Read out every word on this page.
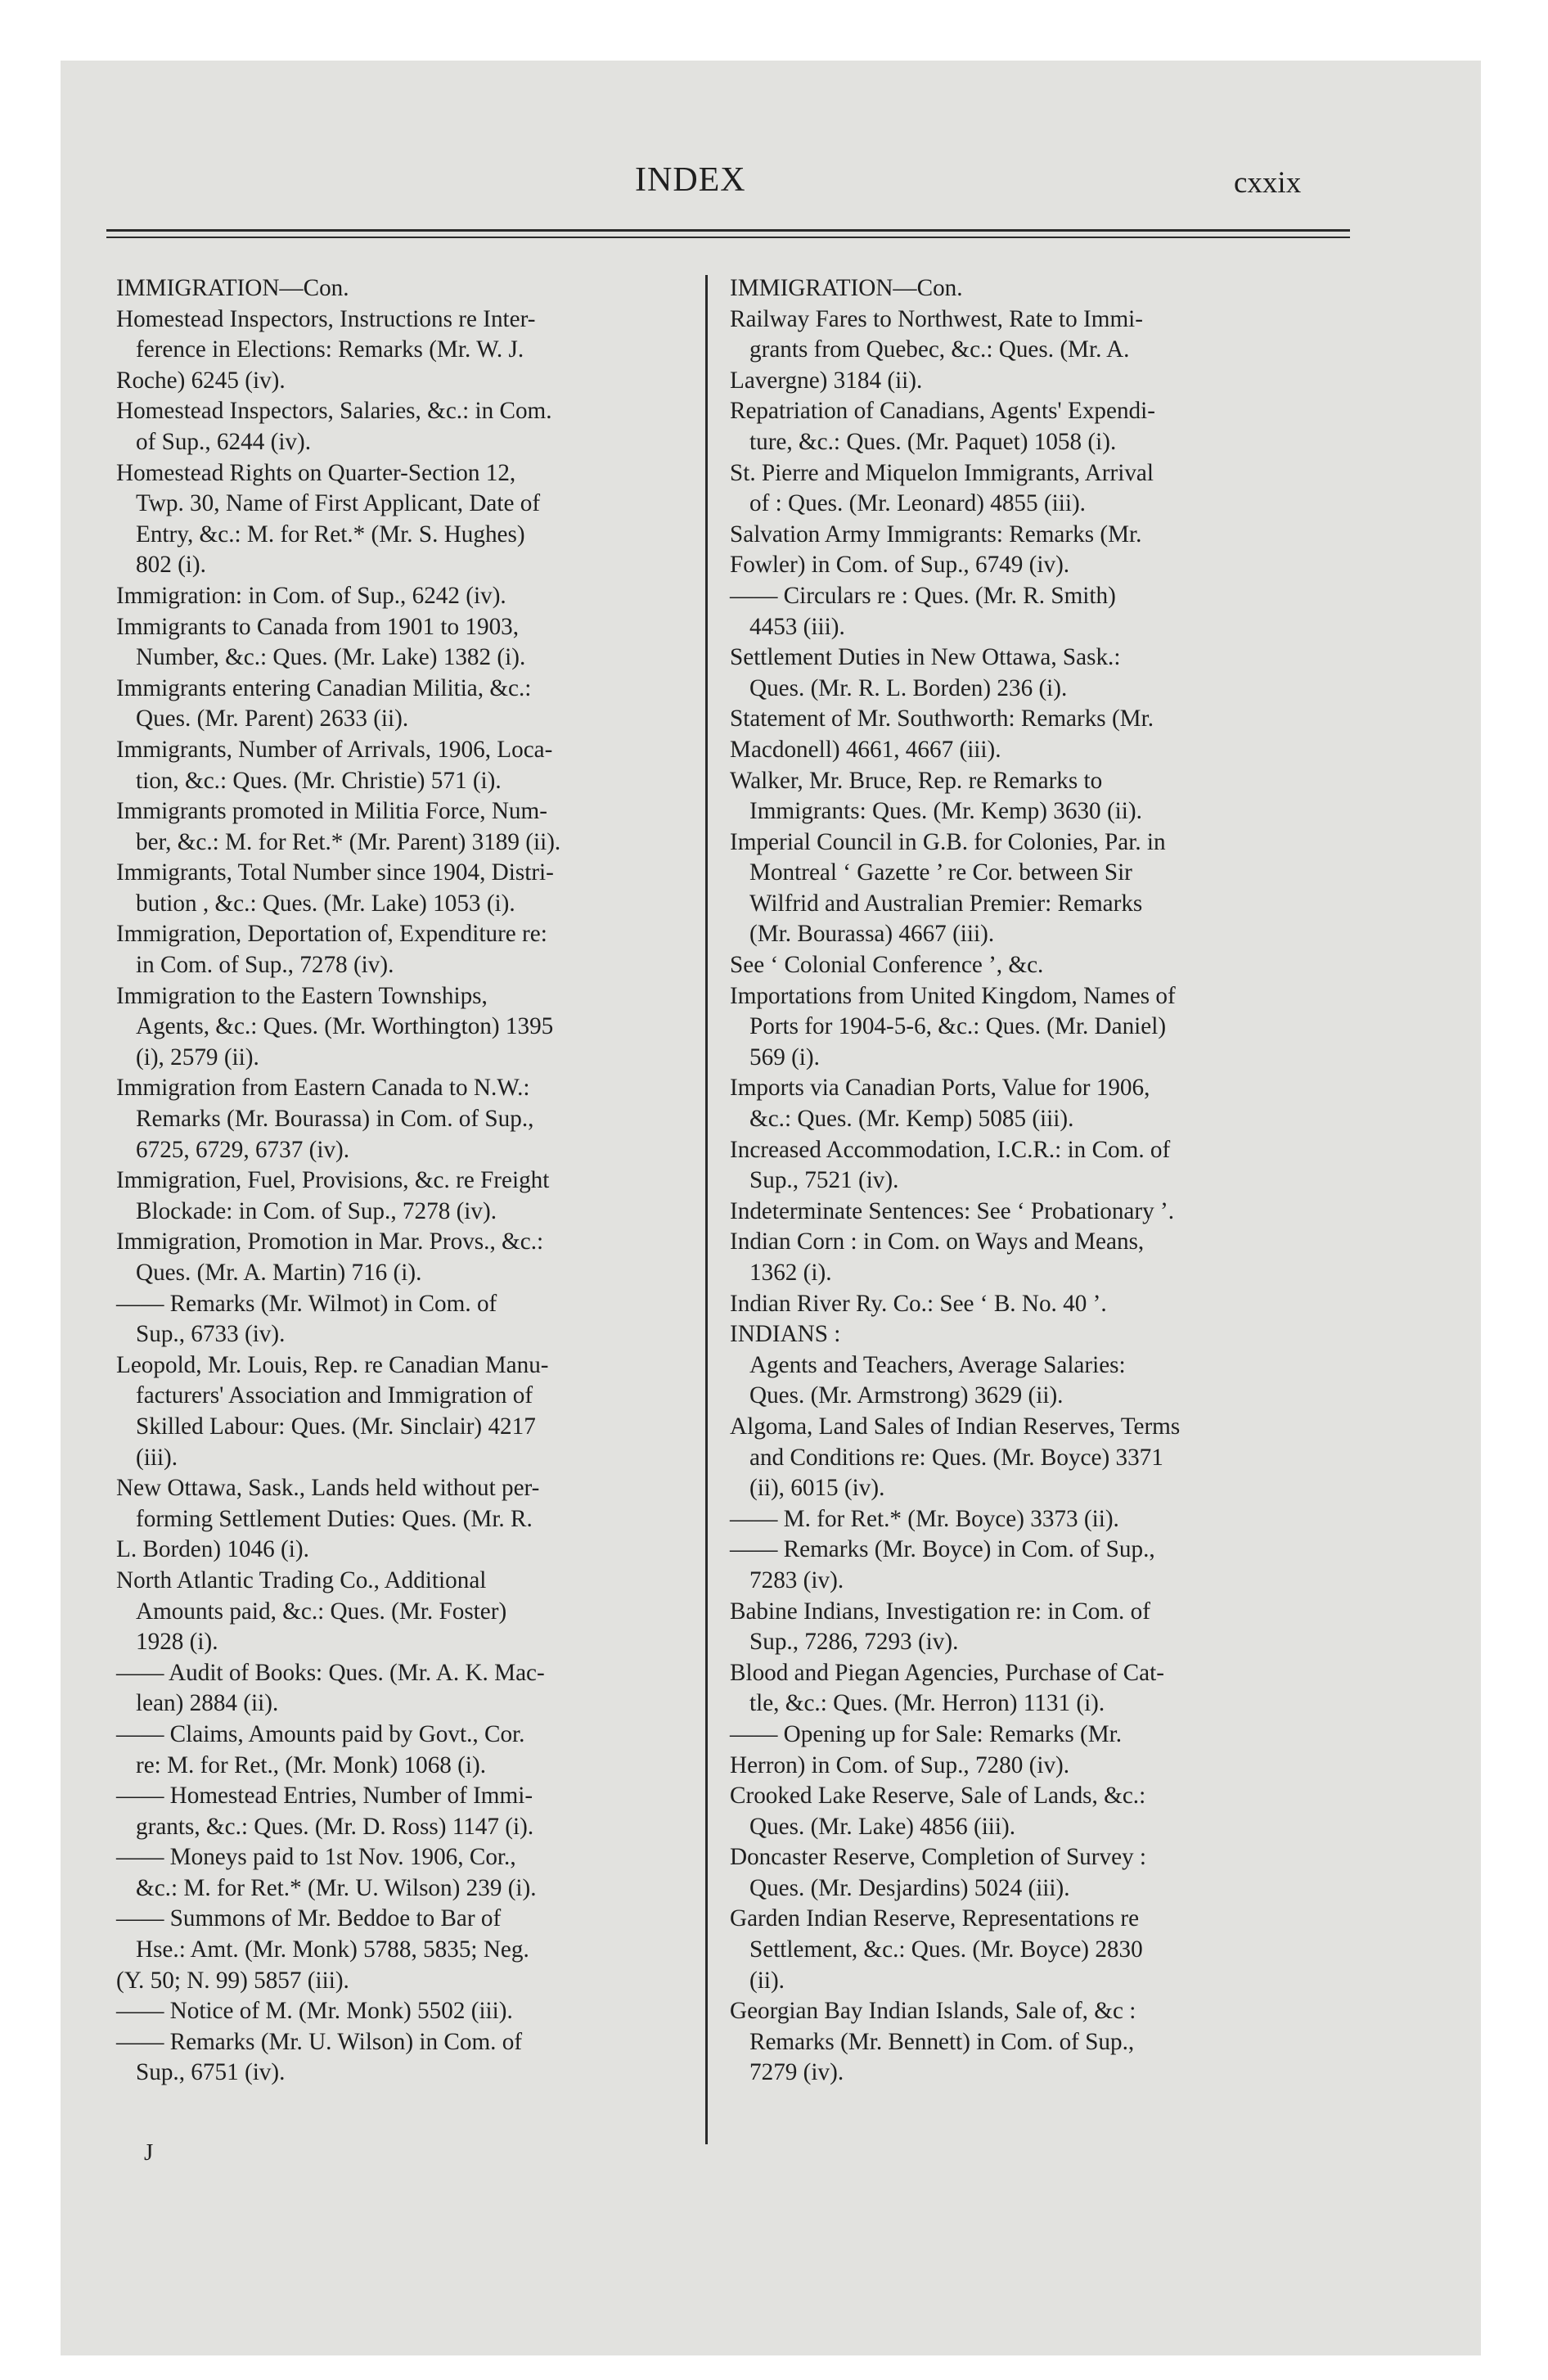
INDEX	cxxix
IMMIGRATION—Con.
Homestead Inspectors, Instructions re Inter-
ference in Elections: Remarks (Mr. W. J.
Roche) 6245 (iv).
Homestead Inspectors, Salaries, &c.: in Com.
of Sup., 6244 (iv).
Homestead Rights on Quarter-Section 12,
Twp. 30, Name of First Applicant, Date of
Entry, &c.: M. for Ret.* (Mr. S. Hughes)
802 (i).
Immigration: in Com. of Sup., 6242 (iv).
Immigrants to Canada from 1901 to 1903,
Number, &c.: Ques. (Mr. Lake) 1382 (i).
Immigrants entering Canadian Militia, &c.:
Ques. (Mr. Parent) 2633 (ii).
Immigrants, Number of Arrivals, 1906, Loca-
tion, &c.: Ques. (Mr. Christie) 571 (i).
Immigrants promoted in Militia Force, Num-
ber, &c.: M. for Ret.* (Mr. Parent) 3189 (ii).
Immigrants, Total Number since 1904, Distri-
bution , &c.: Ques. (Mr. Lake) 1053 (i).
Immigration, Deportation of, Expenditure re:
in Com. of Sup., 7278 (iv).
Immigration to the Eastern Townships,
Agents, &c.: Ques. (Mr. Worthington) 1395
(i), 2579 (ii).
Immigration from Eastern Canada to N.W.:
Remarks (Mr. Bourassa) in Com. of Sup.,
6725, 6729, 6737 (iv).
Immigration, Fuel, Provisions, &c. re Freight
Blockade: in Com. of Sup., 7278 (iv).
Immigration, Promotion in Mar. Provs., &c.:
Ques. (Mr. A. Martin) 716 (i).
—— Remarks (Mr. Wilmot) in Com. of
Sup., 6733 (iv).
Leopold, Mr. Louis, Rep. re Canadian Manu-
facturers' Association and Immigration of
Skilled Labour: Ques. (Mr. Sinclair) 4217
(iii).
New Ottawa, Sask., Lands held without per-
forming Settlement Duties: Ques. (Mr. R.
L. Borden) 1046 (i).
North Atlantic Trading Co., Additional
Amounts paid, &c.: Ques. (Mr. Foster)
1928 (i).
—— Audit of Books: Ques. (Mr. A. K. Mac-
lean) 2884 (ii).
—— Claims, Amounts paid by Govt., Cor.
re: M. for Ret., (Mr. Monk) 1068 (i).
—— Homestead Entries, Number of Immi-
grants, &c.: Ques. (Mr. D. Ross) 1147 (i).
—— Moneys paid to 1st Nov. 1906, Cor.,
&c.: M. for Ret.* (Mr. U. Wilson) 239 (i).
—— Summons of Mr. Beddoe to Bar of
Hse.: Amt. (Mr. Monk) 5788, 5835; Neg.
(Y. 50; N. 99) 5857 (iii).
—— Notice of M. (Mr. Monk) 5502 (iii).
—— Remarks (Mr. U. Wilson) in Com. of
Sup., 6751 (iv).
IMMIGRATION—Con.
Railway Fares to Northwest, Rate to Immi-
grants from Quebec, &c.: Ques. (Mr. A.
Lavergne) 3184 (ii).
Repatriation of Canadians, Agents' Expendi-
ture, &c.: Ques. (Mr. Paquet) 1058 (i).
St. Pierre and Miquelon Immigrants, Arrival
of : Ques. (Mr. Leonard) 4855 (iii).
Salvation Army Immigrants: Remarks (Mr.
Fowler) in Com. of Sup., 6749 (iv).
—— Circulars re : Ques. (Mr. R. Smith)
4453 (iii).
Settlement Duties in New Ottawa, Sask.:
Ques. (Mr. R. L. Borden) 236 (i).
Statement of Mr. Southworth: Remarks (Mr.
Macdonell) 4661, 4667 (iii).
Walker, Mr. Bruce, Rep. re Remarks to
Immigrants: Ques. (Mr. Kemp) 3630 (ii).
Imperial Council in G.B. for Colonies, Par. in
Montreal ‘ Gazette ’ re Cor. between Sir
Wilfrid and Australian Premier: Remarks
(Mr. Bourassa) 4667 (iii).
See ‘ Colonial Conference ’, &c.
Importations from United Kingdom, Names of
Ports for 1904-5-6, &c.: Ques. (Mr. Daniel)
569 (i).
Imports via Canadian Ports, Value for 1906,
&c.: Ques. (Mr. Kemp) 5085 (iii).
Increased Accommodation, I.C.R.: in Com. of
Sup., 7521 (iv).
Indeterminate Sentences: See ‘ Probationary ’.
Indian Corn : in Com. on Ways and Means,
1362 (i).
Indian River Ry. Co.: See ‘ B. No. 40 ’.
INDIANS :
Agents and Teachers, Average Salaries:
Ques. (Mr. Armstrong) 3629 (ii).
Algoma, Land Sales of Indian Reserves, Terms
and Conditions re: Ques. (Mr. Boyce) 3371
(ii), 6015 (iv).
—— M. for Ret.* (Mr. Boyce) 3373 (ii).
—— Remarks (Mr. Boyce) in Com. of Sup.,
7283 (iv).
Babine Indians, Investigation re: in Com. of
Sup., 7286, 7293 (iv).
Blood and Piegan Agencies, Purchase of Cat-
tle, &c.: Ques. (Mr. Herron) 1131 (i).
—— Opening up for Sale: Remarks (Mr.
Herron) in Com. of Sup., 7280 (iv).
Crooked Lake Reserve, Sale of Lands, &c.:
Ques. (Mr. Lake) 4856 (iii).
Doncaster Reserve, Completion of Survey :
Ques. (Mr. Desjardins) 5024 (iii).
Garden Indian Reserve, Representations re
Settlement, &c.: Ques. (Mr. Boyce) 2830
(ii).
Georgian Bay Indian Islands, Sale of, &c :
Remarks (Mr. Bennett) in Com. of Sup.,
7279 (iv).
J
